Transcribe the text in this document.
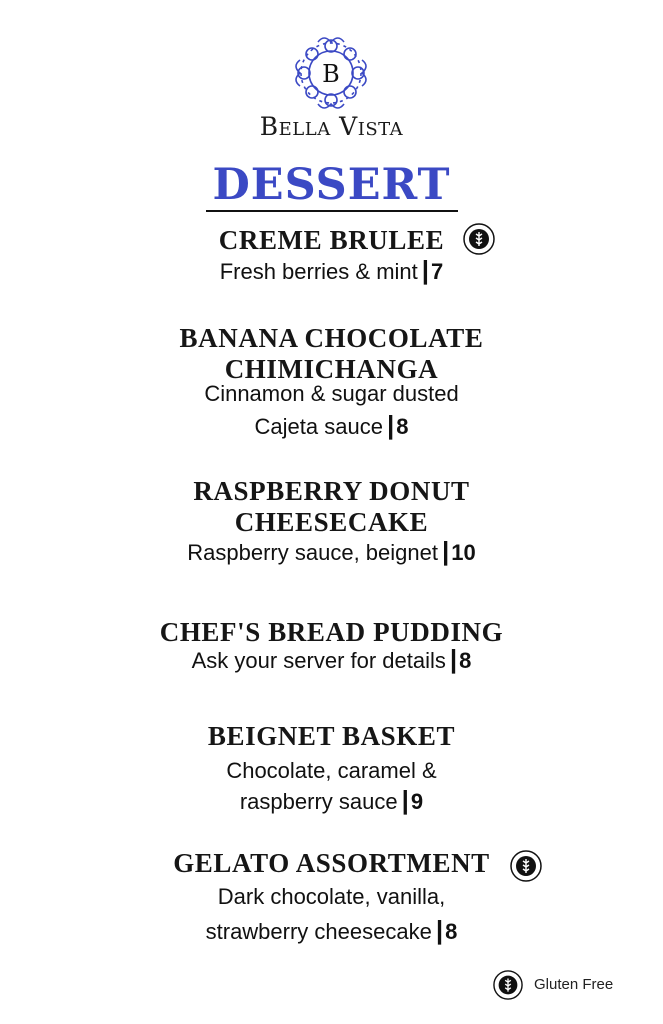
B
Bella Vista
DESSERT
CREME BRULEE
Fresh berries & mint |7
BANANA CHOCOLATE
CHIMICHANGA
Cinnamon & sugar dusted
Cajeta sauce |8
RASPBERRY DONUT
CHEESECAKE
Raspberry sauce, beignet |10
CHEF'S BREAD PUDDING
Ask your server for details |8
BEIGNET BASKET
Chocolate, caramel &
raspberry sauce |9
GELATO ASSORTMENT
Dark chocolate, vanilla,
strawberry cheesecake |8
Gluten Free
